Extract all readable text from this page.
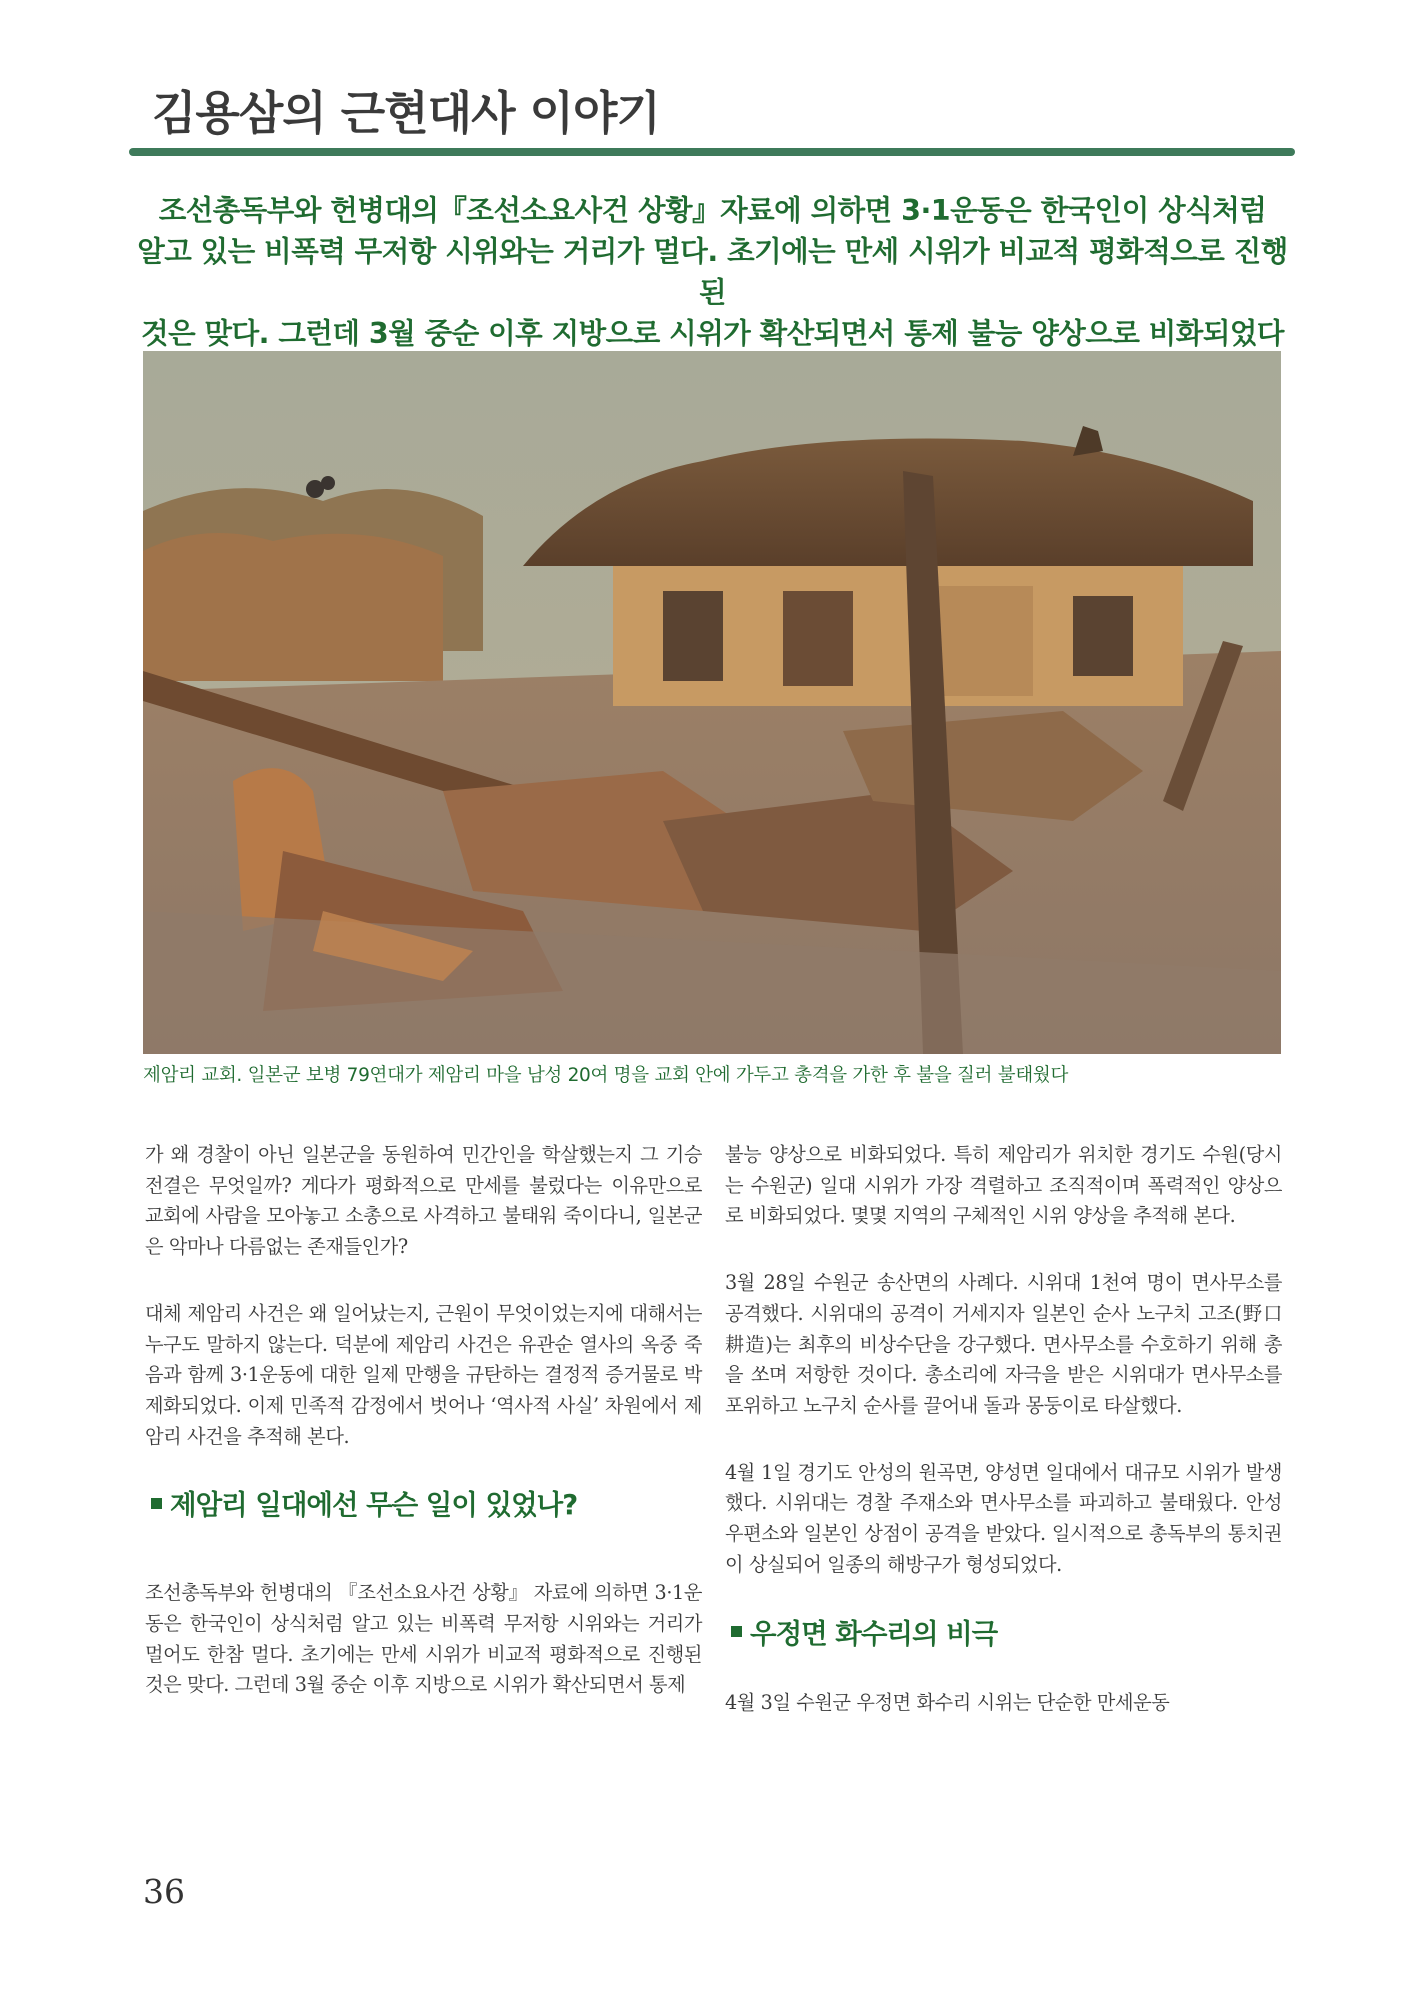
김용삼의 근현대사 이야기
조선총독부와 헌병대의『조선소요사건 상황』자료에 의하면 3·1운동은 한국인이 상식처럼
알고 있는 비폭력 무저항 시위와는 거리가 멀다. 초기에는 만세 시위가 비교적 평화적으로 진행된
것은 맞다. 그런데 3월 중순 이후 지방으로 시위가 확산되면서 통제 불능 양상으로 비화되었다
제암리 교회. 일본군 보병 79연대가 제암리 마을 남성 20여 명을 교회 안에 가두고 총격을 가한 후 불을 질러 불태웠다

가 왜 경찰이 아닌 일본군을 동원하여 민간인을 학살했는지 그 기승전결은 무엇일까? 게다가 평화적으로 만세를 불렀다는 이유만으로 교회에 사람을 모아놓고 소총으로 사격하고 불태워 죽이다니, 일본군은 악마나 다름없는 존재들인가?

대체 제암리 사건은 왜 일어났는지, 근원이 무엇이었는지에 대해서는 누구도 말하지 않는다. 덕분에 제암리 사건은 유관순 열사의 옥중 죽음과 함께 3·1운동에 대한 일제 만행을 규탄하는 결정적 증거물로 박제화되었다. 이제 민족적 감정에서 벗어나 ‘역사적 사실’ 차원에서 제암리 사건을 추적해 본다.

제암리 일대에선 무슨 일이 있었나?

조선총독부와 헌병대의 『조선소요사건 상황』 자료에 의하면 3·1운동은 한국인이 상식처럼 알고 있는 비폭력 무저항 시위와는 거리가 멀어도 한참 멀다. 초기에는 만세 시위가 비교적 평화적으로 진행된 것은 맞다. 그런데 3월 중순 이후 지방으로 시위가 확산되면서 통제

불능 양상으로 비화되었다. 특히 제암리가 위치한 경기도 수원(당시는 수원군) 일대 시위가 가장 격렬하고 조직적이며 폭력적인 양상으로 비화되었다. 몇몇 지역의 구체적인 시위 양상을 추적해 본다.

3월 28일 수원군 송산면의 사례다. 시위대 1천여 명이 면사무소를 공격했다. 시위대의 공격이 거세지자 일본인 순사 노구치 고조(野口耕造)는 최후의 비상수단을 강구했다. 면사무소를 수호하기 위해 총을 쏘며 저항한 것이다. 총소리에 자극을 받은 시위대가 면사무소를 포위하고 노구치 순사를 끌어내 돌과 몽둥이로 타살했다.

4월 1일 경기도 안성의 원곡면, 양성면 일대에서 대규모 시위가 발생했다. 시위대는 경찰 주재소와 면사무소를 파괴하고 불태웠다. 안성 우편소와 일본인 상점이 공격을 받았다. 일시적으로 총독부의 통치권이 상실되어 일종의 해방구가 형성되었다.

우정면 화수리의 비극

4월 3일 수원군 우정면 화수리 시위는 단순한 만세운동

36
